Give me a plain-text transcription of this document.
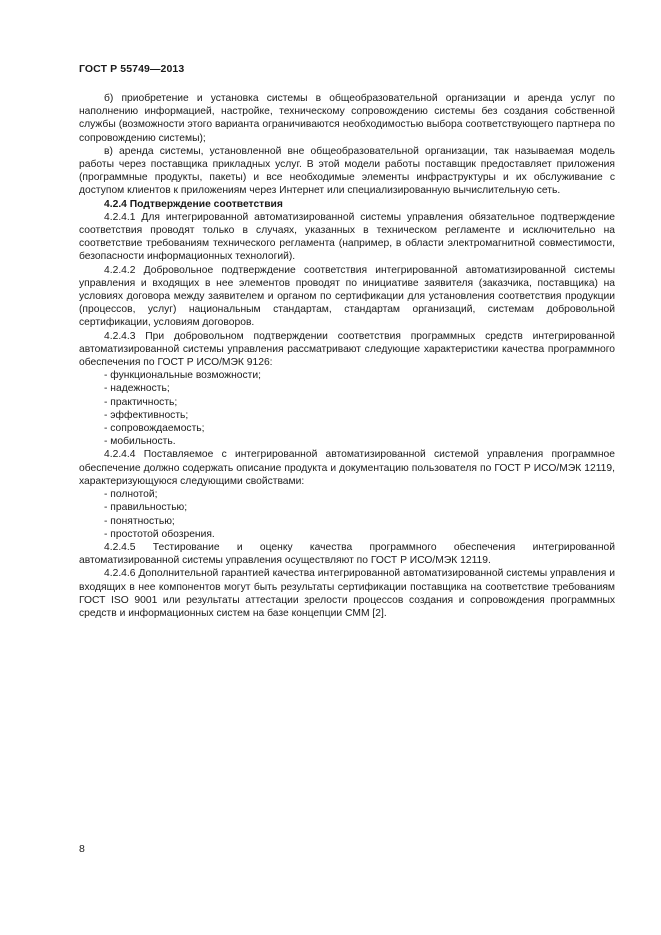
ГОСТ Р 55749—2013

б) приобретение и установка системы в общеобразовательной организации и аренда услуг по наполнению информацией, настройке, техническому сопровождению системы без создания собственной службы (возможности этого варианта ограничиваются необходимостью выбора соответствующего партнера по сопровождению системы);

в) аренда системы, установленной вне общеобразовательной организации, так называемая модель работы через поставщика прикладных услуг. В этой модели работы поставщик предоставляет приложения (программные продукты, пакеты) и все необходимые элементы инфраструктуры и их обслуживание с доступом клиентов к приложениям через Интернет или специализированную вычислительную сеть.

4.2.4 Подтверждение соответствия

4.2.4.1 Для интегрированной автоматизированной системы управления обязательное подтверждение соответствия проводят только в случаях, указанных в техническом регламенте и исключительно на соответствие требованиям технического регламента (например, в области электромагнитной совместимости, безопасности информационных технологий).

4.2.4.2 Добровольное подтверждение соответствия интегрированной автоматизированной системы управления и входящих в нее элементов проводят по инициативе заявителя (заказчика, поставщика) на условиях договора между заявителем и органом по сертификации для установления соответствия продукции (процессов, услуг) национальным стандартам, стандартам организаций, системам добровольной сертификации, условиям договоров.

4.2.4.3 При добровольном подтверждении соответствия программных средств интегрированной автоматизированной системы управления рассматривают следующие характеристики качества программного обеспечения по ГОСТ Р ИСО/МЭК 9126:

- функциональные возможности;
- надежность;
- практичность;
- эффективность;
- сопровождаемость;
- мобильность.

4.2.4.4 Поставляемое с интегрированной автоматизированной системой управления программное обеспечение должно содержать описание продукта и документацию пользователя по ГОСТ Р ИСО/МЭК 12119, характеризующуюся следующими свойствами:

- полнотой;
- правильностью;
- понятностью;
- простотой обозрения.

4.2.4.5 Тестирование и оценку качества программного обеспечения интегрированной автоматизированной системы управления осуществляют по ГОСТ Р ИСО/МЭК 12119.

4.2.4.6 Дополнительной гарантией качества интегрированной автоматизированной системы управления и входящих в нее компонентов могут быть результаты сертификации поставщика на соответствие требованиям ГОСТ ISO 9001 или результаты аттестации зрелости процессов создания и сопровождения программных средств и информационных систем на базе концепции CMM [2].

8
